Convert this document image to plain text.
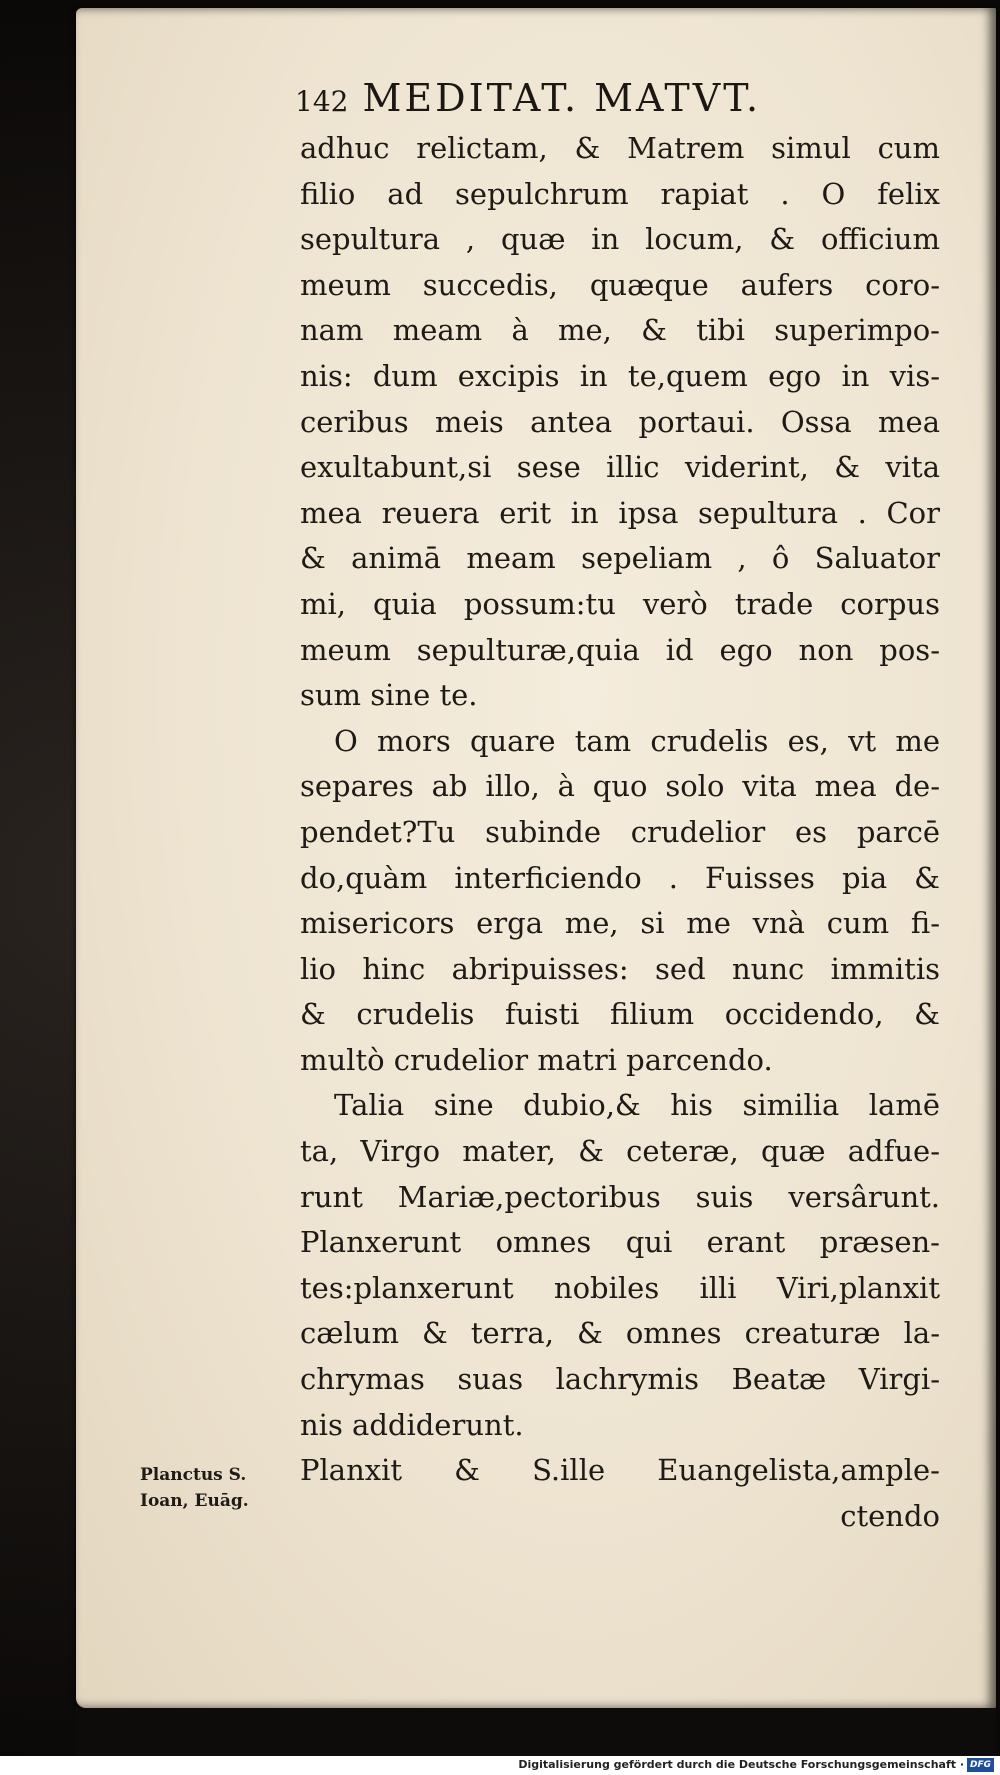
142 MEDITAT. MATVT.
adhuc relictam, & Matrem simul cum
filio ad sepulchrum rapiat . O felix
sepultura , quæ in locum, & officium
meum succedis, quæque aufers coro-
nam meam à me, & tibi superimpo-
nis: dum excipis in te,quem ego in vis-
ceribus meis antea portaui. Ossa mea
exultabunt,si sese illic viderint, & vita
mea reuera erit in ipsa sepultura . Cor
& animā meam sepeliam , ô Saluator
mi, quia possum:tu verò trade corpus
meum sepulturæ,quia id ego non pos-
sum sine te.
O mors quare tam crudelis es, vt me
separes ab illo, à quo solo vita mea de-
pendet?Tu subinde crudelior es parcē
do,quàm interficiendo . Fuisses pia &
misericors erga me, si me vnà cum fi-
lio hinc abripuisses: sed nunc immitis
& crudelis fuisti filium occidendo, &
multò crudelior matri parcendo.
Talia sine dubio,& his similia lamē
ta, Virgo mater, & ceteræ, quæ adfue-
runt Mariæ,pectoribus suis versârunt.
Planxerunt omnes qui erant præsen-
tes:planxerunt nobiles illi Viri,planxit
cælum & terra, & omnes creaturæ la-
chrymas suas lachrymis Beatæ Virgi-
nis addiderunt.
Planxit & S.ille Euangelista,ample-
ctendo
Planctus S.
Ioan, Euāg.
Digitalisierung gefördert durch die Deutsche Forschungsgemeinschaft · DFG
